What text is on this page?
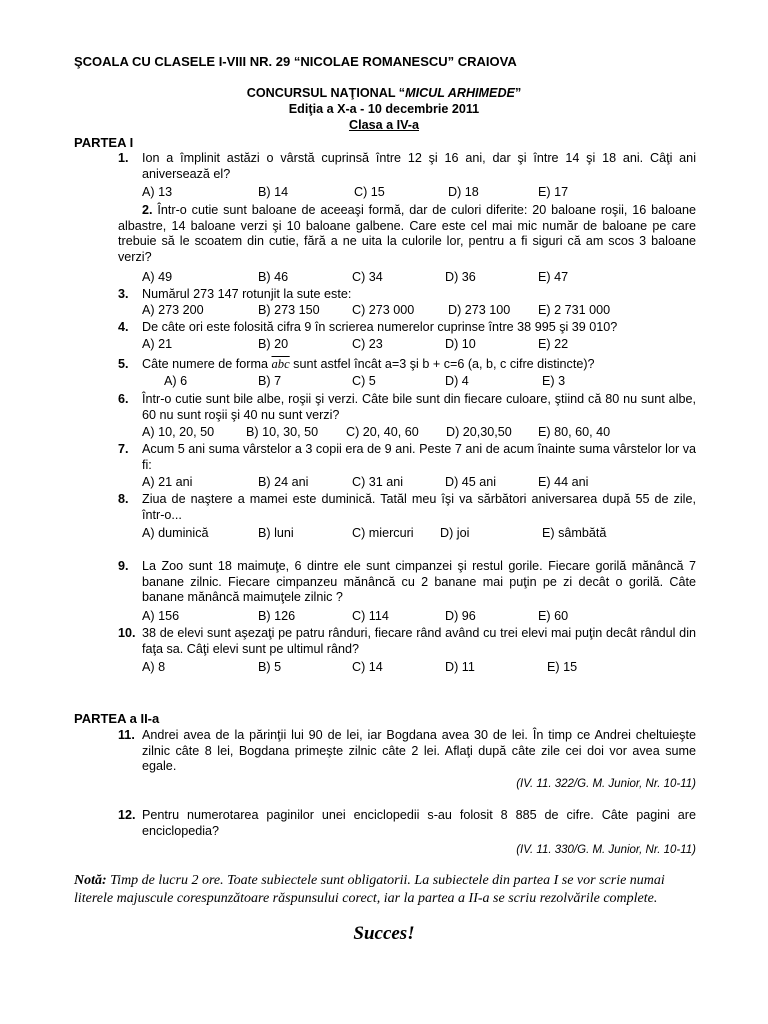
ŞCOALA CU CLASELE I-VIII NR. 29 “NICOLAE ROMANESCU” CRAIOVA
CONCURSUL NAŢIONAL “MICUL ARHIMEDE”
Ediţia a X-a - 10 decembrie 2011
Clasa a IV-a
PARTEA I
1. Ion a împlinit astăzi o vârstă cuprinsă între 12 şi 16 ani, dar şi între 14 şi 18 ani. Câţi ani aniversează el?
A) 13	B) 14	C) 15	D) 18	E) 17
2. Într-o cutie sunt baloane de aceeaşi formă, dar de culori diferite: 20 baloane roşii, 16 baloane albastre, 14 baloane verzi şi 10 baloane galbene. Care este cel mai mic număr de baloane pe care trebuie să le scoatem din cutie, fără a ne uita la culorile lor, pentru a fi siguri că am scos 3 baloane verzi?
A) 49	B) 46	C) 34	D) 36	E) 47
3. Numărul 273 147 rotunjit la sute este:
A) 273 200	B) 273 150	C) 273 000	D) 273 100 E) 2 731 000
4. De câte ori este folosită cifra 9 în scrierea numerelor cuprinse între 38 995 şi 39 010?
A) 21	B) 20	C) 23	D) 10	E) 22
5. Câte numere de forma $\overline{abc}$ sunt astfel încât a=3 şi b + c=6 (a, b, c cifre distincte)?
A) 6	B) 7	C) 5	D) 4	E) 3
6. Într-o cutie sunt bile albe, roşii şi verzi. Câte bile sunt din fiecare culoare, ştiind că 80 nu sunt albe, 60 nu sunt roşii şi 40 nu sunt verzi?
A) 10, 20, 50	B) 10, 30, 50 C) 20, 40, 60 D) 20,30,50 E) 80, 60, 40
7. Acum 5 ani suma vârstelor a 3 copii era de 9 ani. Peste 7 ani de acum înainte suma vârstelor lor va fi:
A) 21 ani	B) 24 ani	C) 31 ani	D) 45 ani	E) 44 ani
8. Ziua de naştere a mamei este duminică. Tatăl meu îşi va sărbători aniversarea după 55 de zile, într-o...
A) duminică	B) luni	C) miercuri D) joi	E) sâmbătă
9. La Zoo sunt 18 maimuţe, 6 dintre ele sunt cimpanzei şi restul gorile. Fiecare gorilă mănâncă 7 banane zilnic. Fiecare cimpanzeu mănâncă cu 2 banane mai puţin pe zi decât o gorilă. Câte banane mănâncă maimuţele zilnic ?
A) 156	B) 126	C) 114	D) 96	E) 60
10. 38 de elevi sunt aşezaţi pe patru rânduri, fiecare rând având cu trei elevi mai puţin decât rândul din faţa sa. Câţi elevi sunt pe ultimul rând?
A) 8	B) 5	C) 14	D) 11	E) 15
PARTEA a II-a
11. Andrei avea de la părinţii lui 90 de lei, iar Bogdana avea 30 de lei. În timp ce Andrei cheltuieşte zilnic câte 8 lei, Bogdana primeşte zilnic câte 2 lei. Aflaţi după câte zile cei doi vor avea sume egale.
(IV. 11. 322/G. M. Junior, Nr. 10-11)
12. Pentru numerotarea paginilor unei enciclopedii s-au folosit 8 885 de cifre. Câte pagini are enciclopedia?
(IV. 11. 330/G. M. Junior, Nr. 10-11)
Notă: Timp de lucru 2 ore. Toate subiectele sunt obligatorii. La subiectele din partea I se vor scrie numai literele majuscule corespunzătoare răspunsului corect, iar la partea a II-a se scriu rezolvările complete.
Succes!
